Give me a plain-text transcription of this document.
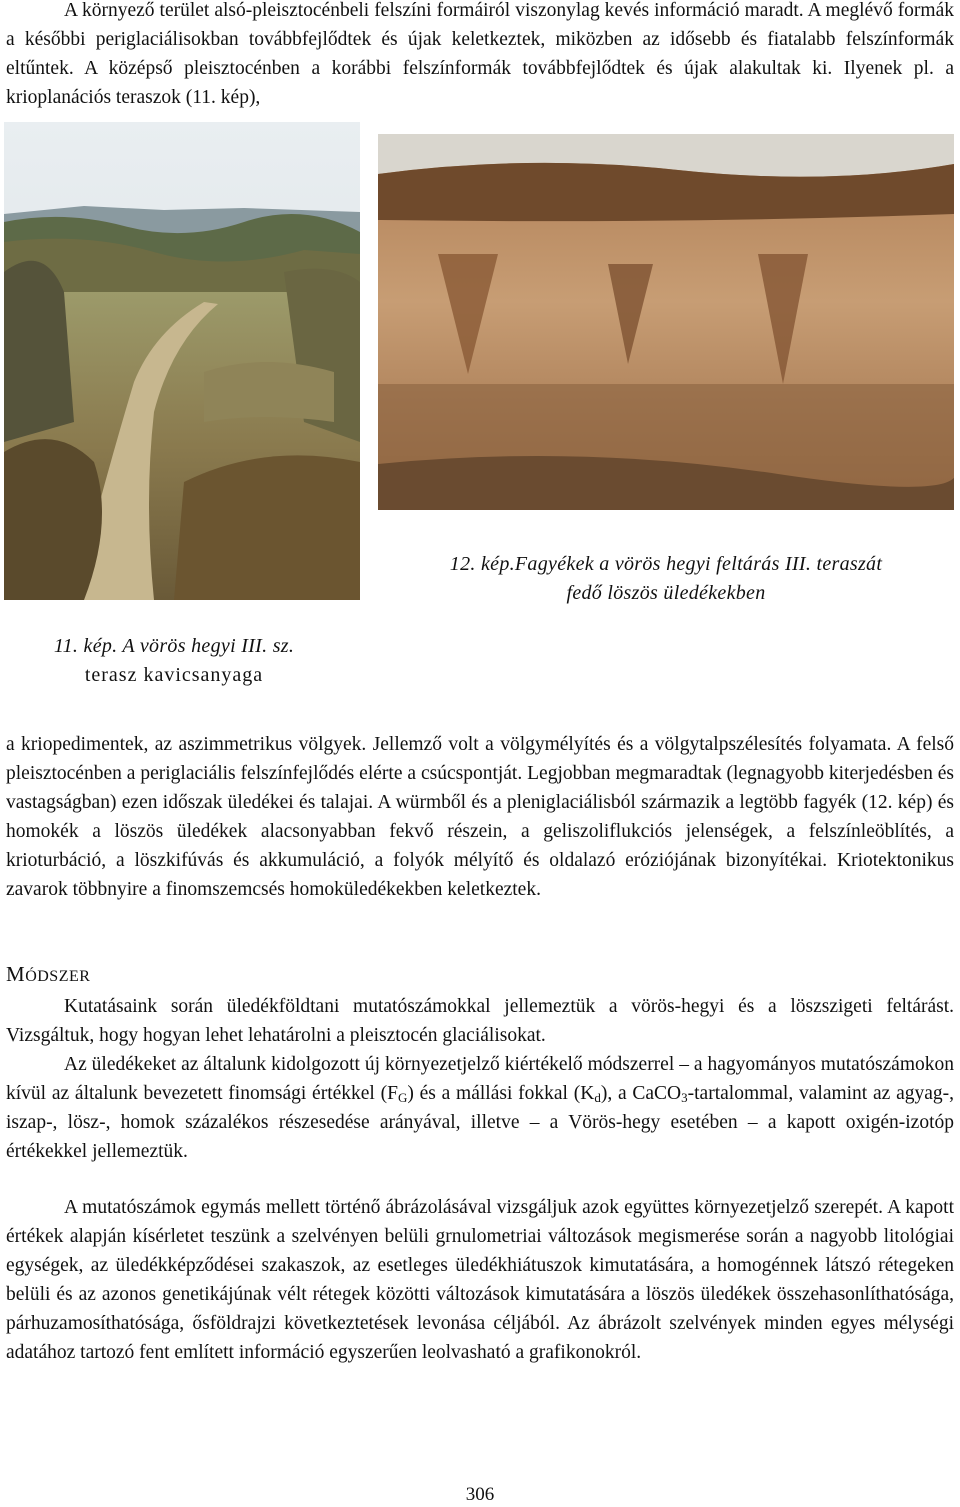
A környező terület alsó-pleisztocénbeli felszíni formáiról viszonylag kevés információ maradt. A meglévő formák a későbbi periglaciálisokban továbbfejlődtek és újak keletkeztek, miközben az idősebb és fiatalabb felszínformák eltűntek. A középső pleisztocénben a korábbi felszínformák továbbfejlődtek és újak alakultak ki. Ilyenek pl. a krioplanációs teraszok (11. kép),

12. kép.Fagyékek a vörös hegyi feltárás III. teraszát
fedő löszös üledékekben
11. kép. A vörös hegyi III. sz.
terasz kavicsanyaga

a kriopedimentek, az aszimmetrikus völgyek. Jellemző volt a völgymélyítés és a völgytalpszélesítés folyamata. A felső pleisztocénben a periglaciális felszínfejlődés elérte a csúcspontját. Legjobban megmaradtak (legnagyobb kiterjedésben és vastagságban) ezen időszak üledékei és talajai. A würmből és a pleniglaciálisból származik a legtöbb fagyék (12. kép) és homokék a löszös üledékek alacsonyabban fekvő részein, a geliszoliflukciós jelenségek, a felszínleöblítés, a krioturbáció, a löszkifúvás és akkumuláció, a folyók mélyítő és oldalazó eróziójának bizonyítékai. Kriotektonikus zavarok többnyire a finomszemcsés homoküledékekben keletkeztek.

MÓDSZER

Kutatásaink során üledékföldtani mutatószámokkal jellemeztük a vörös-hegyi és a löszszigeti feltárást. Vizsgáltuk, hogy hogyan lehet lehatárolni a pleisztocén glaciálisokat.

Az üledékeket az általunk kidolgozott új környezetjelző kiértékelő módszerrel – a hagyományos mutatószámokon kívül az általunk bevezetett finomsági értékkel $(F_G)$ és a mállási fokkal $(K_d)$, a CaCO$_3$-tartalommal, valamint az agyag-, iszap-, lösz-, homok százalékos részesedése arányával, illetve – a Vörös-hegy esetében – a kapott oxigén-izotóp értékekkel jellemeztük.

A mutatószámok egymás mellett történő ábrázolásával vizsgáljuk azok együttes környezetjelző szerepét. A kapott értékek alapján kísérletet teszünk a szelvényen belüli grnulometriai változások megismerése során a nagyobb litológiai egységek, az üledékképződései szakaszok, az esetleges üledékhiátuszok kimutatására, a homogénnek látszó rétegeken belüli és az azonos genetikájúnak vélt rétegek közötti változások kimutatására a löszös üledékek összehasonlíthatósága, párhuzamosíthatósága, ősföldrajzi következtetések levonása céljából. Az ábrázolt szelvények minden egyes mélységi adatához tartozó fent említett információ egyszerűen leolvasható a grafikonokról.

306
